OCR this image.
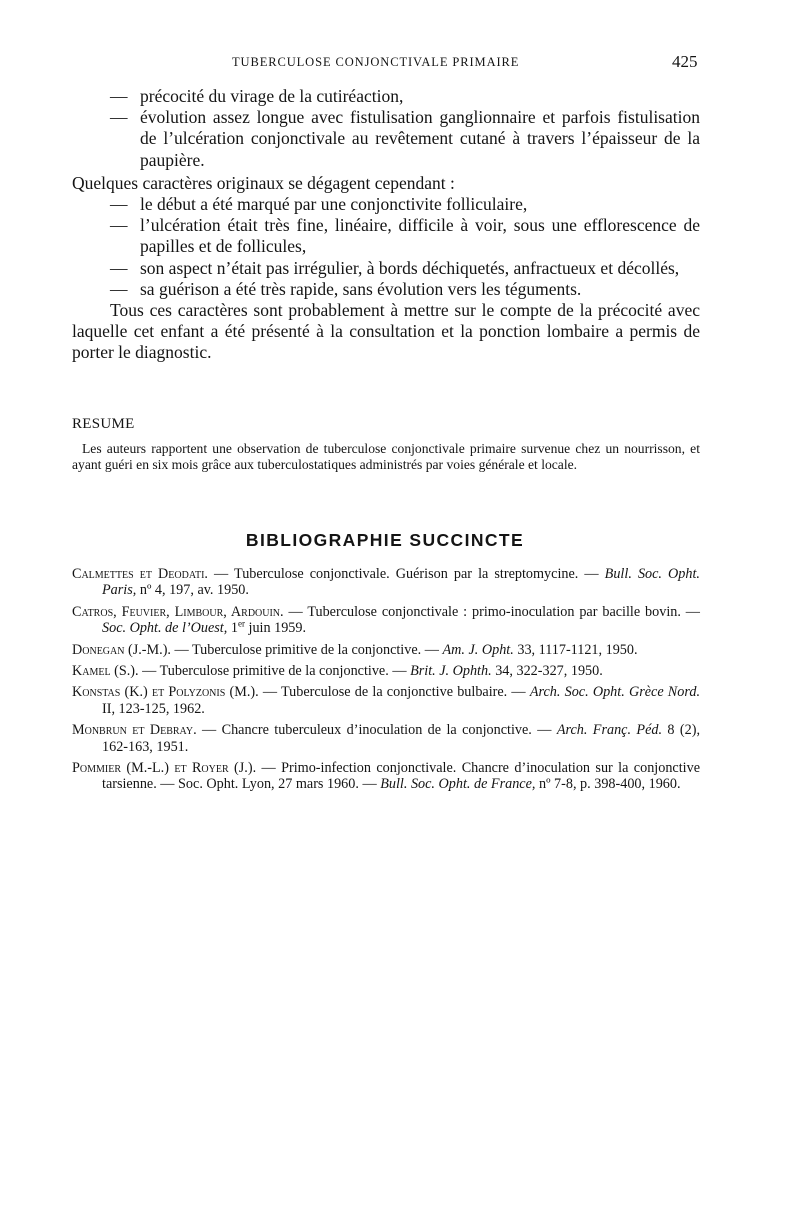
TUBERCULOSE CONJONCTIVALE PRIMAIRE	425

— précocité du virage de la cutiréaction,

— évolution assez longue avec fistulisation ganglionnaire et parfois fistulisation de l’ulcération conjonctivale au revêtement cutané à travers l’épaisseur de la paupière.

Quelques caractères originaux se dégagent cependant :

— le début a été marqué par une conjonctivite folliculaire,

— l’ulcération était très fine, linéaire, difficile à voir, sous une efflorescence de papilles et de follicules,

— son aspect n’était pas irrégulier, à bords déchiquetés, anfractueux et décollés,

— sa guérison a été très rapide, sans évolution vers les téguments.

Tous ces caractères sont probablement à mettre sur le compte de la précocité avec laquelle cet enfant a été présenté à la consultation et la ponction lombaire a permis de porter le diagnostic.

RESUME

Les auteurs rapportent une observation de tuberculose conjonctivale primaire survenue chez un nourrisson, et ayant guéri en six mois grâce aux tuberculostatiques administrés par voies générale et locale.

BIBLIOGRAPHIE SUCCINCTE
Calmettes et Deodati. — Tuberculose conjonctivale. Guérison par la streptomycine. — Bull. Soc. Opht. Paris, nº 4, 197, av. 1950.
Catros, Feuvier, Limbour, Ardouin. — Tuberculose conjonctivale : primo-inoculation par bacille bovin. — Soc. Opht. de l’Ouest, 1er juin 1959.
Donegan (J.-M.). — Tuberculose primitive de la conjonctive. — Am. J. Opht. 33, 1117-1121, 1950.
Kamel (S.). — Tuberculose primitive de la conjonctive. — Brit. J. Ophth. 34, 322-327, 1950.
Konstas (K.) et Polyzonis (M.). — Tuberculose de la conjonctive bulbaire. — Arch. Soc. Opht. Grèce Nord. II, 123-125, 1962.
Monbrun et Debray. — Chancre tuberculeux d’inoculation de la conjonctive. — Arch. Franç. Péd. 8 (2), 162-163, 1951.
Pommier (M.-L.) et Royer (J.). — Primo-infection conjonctivale. Chancre d’inoculation sur la conjonctive tarsienne. — Soc. Opht. Lyon, 27 mars 1960. — Bull. Soc. Opht. de France, nº 7-8, p. 398-400, 1960.
